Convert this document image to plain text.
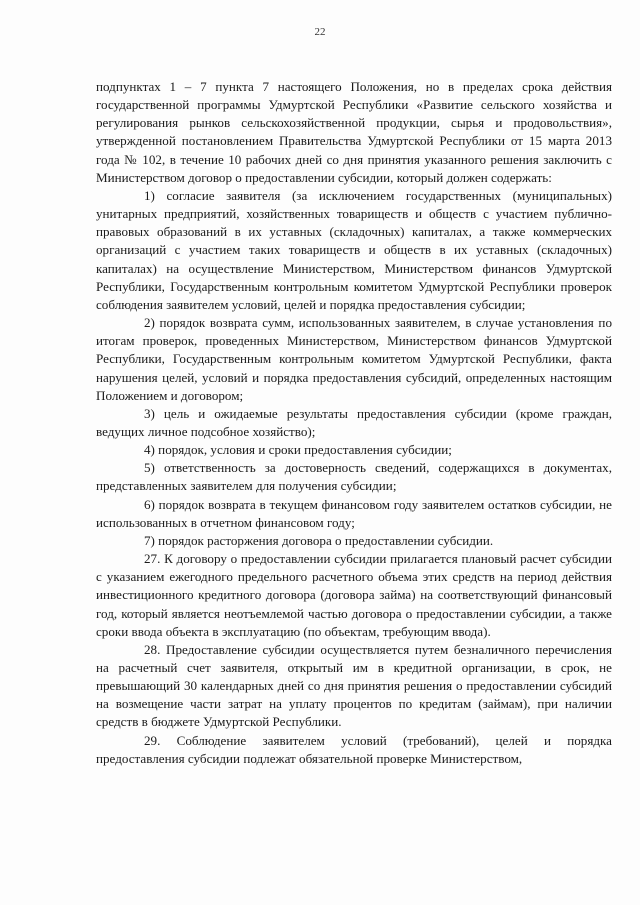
22

подпунктах 1 – 7 пункта 7 настоящего Положения, но в пределах срока действия государственной программы Удмуртской Республики «Развитие сельского хозяйства и регулирования рынков сельскохозяйственной продукции, сырья и продовольствия», утвержденной постановлением Правительства Удмуртской Республики от 15 марта 2013 года № 102, в течение 10 рабочих дней со дня принятия указанного решения заключить с Министерством договор о предоставлении субсидии, который должен содержать:

1) согласие заявителя (за исключением государственных (муниципальных) унитарных предприятий, хозяйственных товариществ и обществ с участием публично-правовых образований в их уставных (складочных) капиталах, а также коммерческих организаций с участием таких товариществ и обществ в их уставных (складочных) капиталах) на осуществление Министерством, Министерством финансов Удмуртской Республики, Государственным контрольным комитетом Удмуртской Республики проверок соблюдения заявителем условий, целей и порядка предоставления субсидии;

2) порядок возврата сумм, использованных заявителем, в случае установления по итогам проверок, проведенных Министерством, Министерством финансов Удмуртской Республики, Государственным контрольным комитетом Удмуртской Республики, факта нарушения целей, условий и порядка предоставления субсидий, определенных настоящим Положением и договором;

3) цель и ожидаемые результаты предоставления субсидии (кроме граждан, ведущих личное подсобное хозяйство);

4) порядок, условия и сроки предоставления субсидии;

5) ответственность за достоверность сведений, содержащихся в документах, представленных заявителем для получения субсидии;

6) порядок возврата в текущем финансовом году заявителем остатков субсидии, не использованных в отчетном финансовом году;

7) порядок расторжения договора о предоставлении субсидии.

27. К договору о предоставлении субсидии прилагается плановый расчет субсидии с указанием ежегодного предельного расчетного объема этих средств на период действия инвестиционного кредитного договора (договора займа) на соответствующий финансовый год, который является неотъемлемой частью договора о предоставлении субсидии, а также сроки ввода объекта в эксплуатацию (по объектам, требующим ввода).

28. Предоставление субсидии осуществляется путем безналичного перечисления на расчетный счет заявителя, открытый им в кредитной организации, в срок, не превышающий 30 календарных дней со дня принятия решения о предоставлении субсидий на возмещение части затрат на уплату процентов по кредитам (займам), при наличии средств в бюджете Удмуртской Республики.

29. Соблюдение заявителем условий (требований), целей и порядка предоставления субсидии подлежат обязательной проверке Министерством,
